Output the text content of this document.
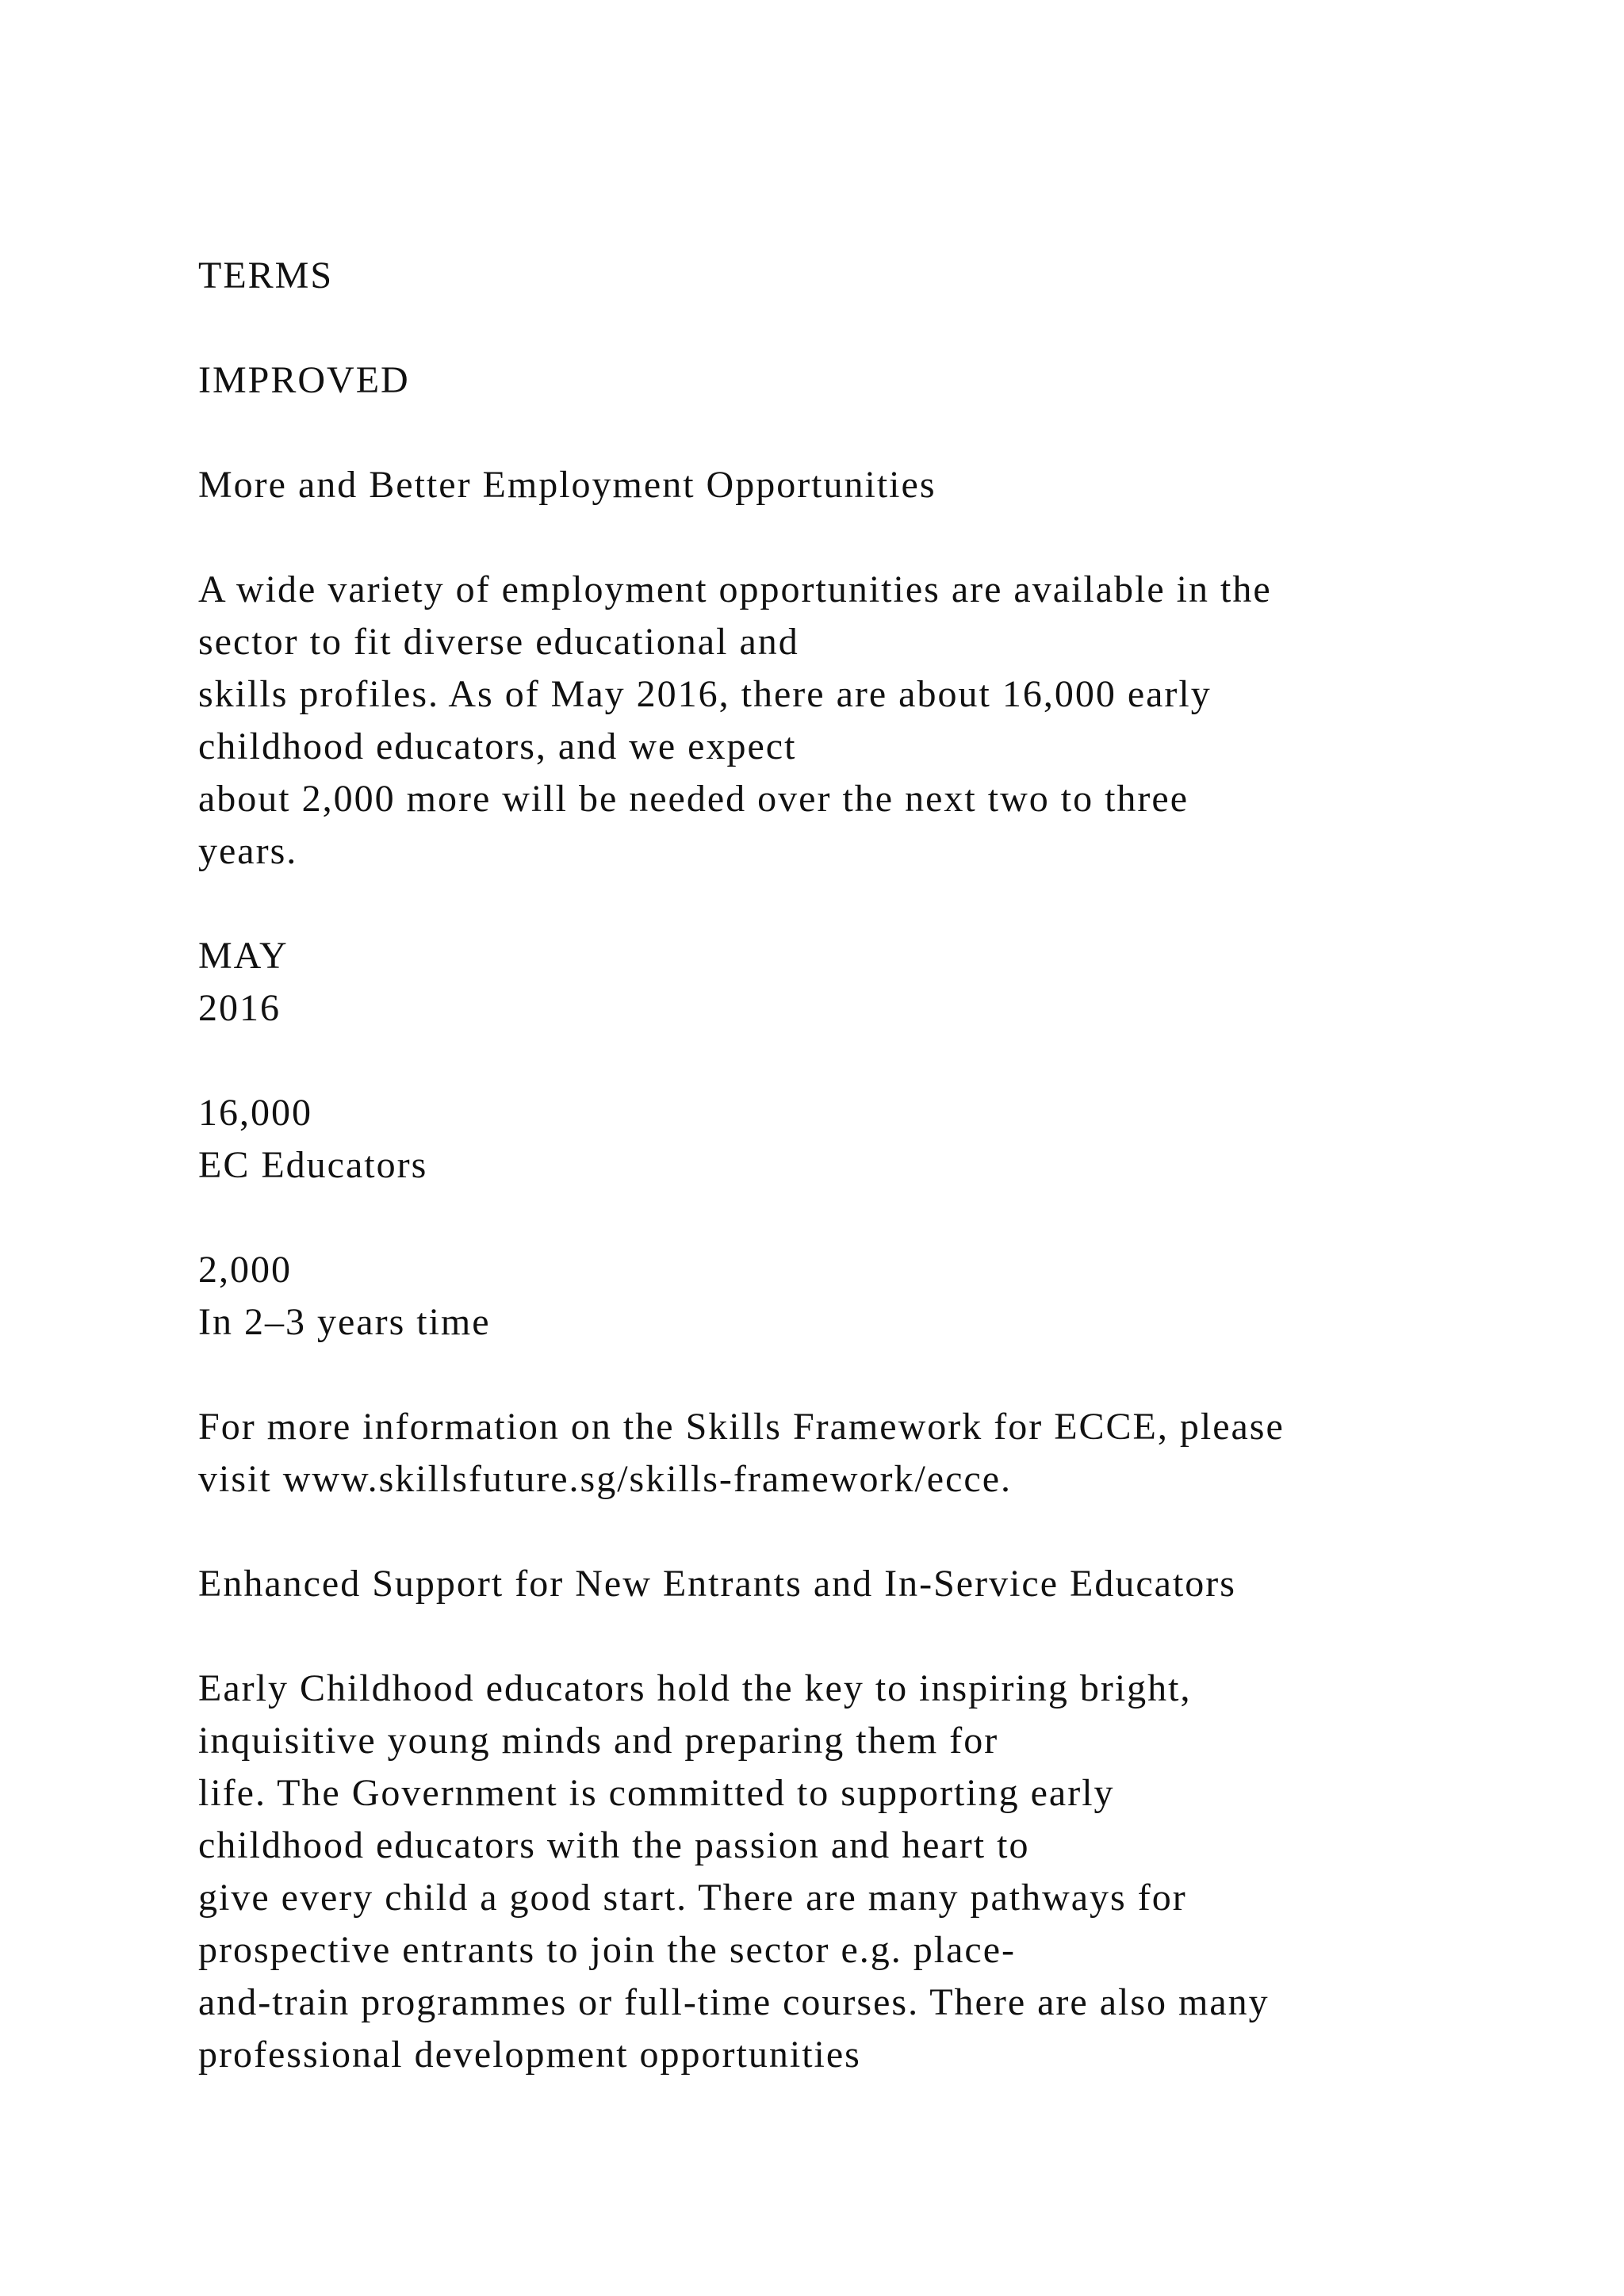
TERMS
IMPROVED
More and Better Employment Opportunities
A wide variety of employment opportunities are available in the
sector to fit diverse educational and
skills profiles. As of May 2016, there are about 16,000 early
childhood educators, and we expect
about 2,000 more will be needed over the next two to three
years.
MAY
2016
16,000
EC Educators
2,000
In 2–3 years time
For more information on the Skills Framework for ECCE, please
visit www.skillsfuture.sg/skills-framework/ecce.
Enhanced Support for New Entrants and In-Service Educators
Early Childhood educators hold the key to inspiring bright,
inquisitive young minds and preparing them for
life. The Government is committed to supporting early
childhood educators with the passion and heart to
give every child a good start. There are many pathways for
prospective entrants to join the sector e.g. place-
and-train programmes or full-time courses. There are also many
professional development opportunities
